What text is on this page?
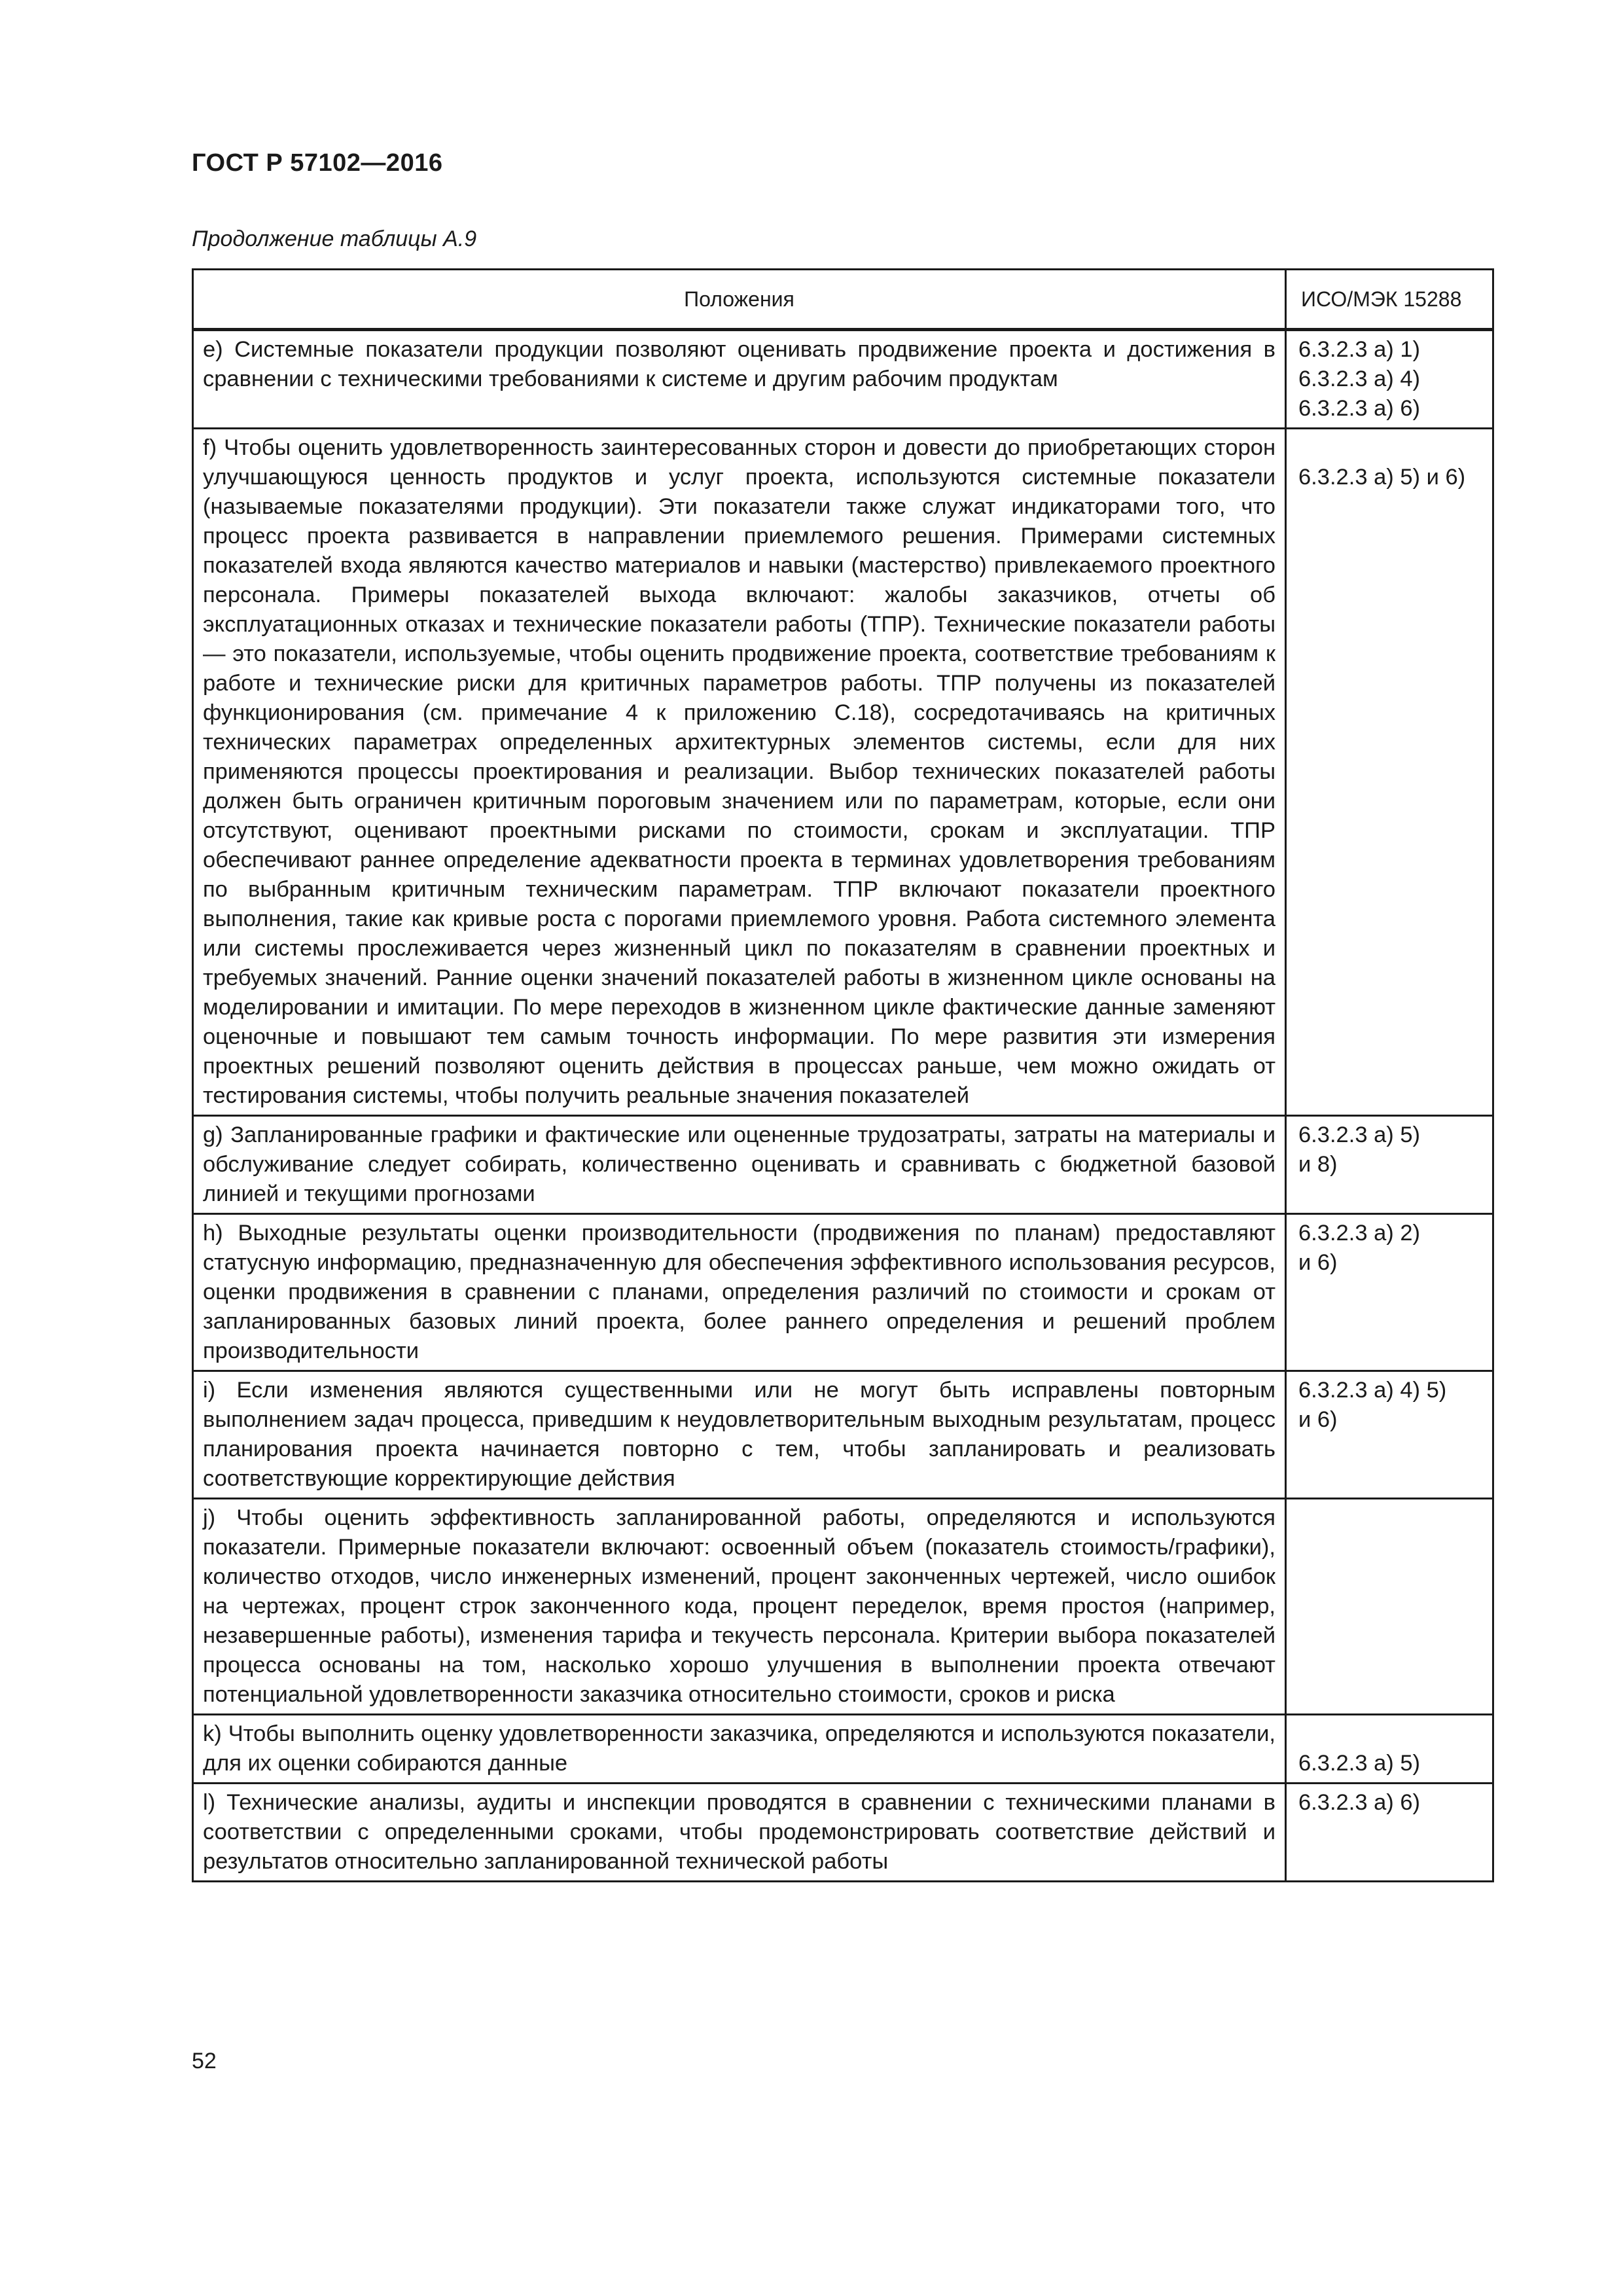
ГОСТ Р 57102—2016
Продолжение таблицы А.9
Положения	ИСО/МЭК 15288
e) Системные показатели продукции позволяют оценивать продвижение проекта и достижения в сравнении с техническими требованиями к системе и другим рабочим продуктам	6.3.2.3 a) 1)
6.3.2.3 a) 4)
6.3.2.3 a) 6)

f) Чтобы оценить удовлетворенность заинтересованных сторон и довести до приобретающих сторон улучшающуюся ценность продуктов и услуг проекта, используются системные показатели (называемые показателями продукции). Эти показатели также служат индикаторами того, что процесс проекта развивается в направлении приемлемого решения. Примерами системных показателей входа являются качество материалов и навыки (мастерство) привлекаемого проектного персонала. Примеры показателей выхода включают: жалобы заказчиков, отчеты об эксплуатационных отказах и технические показатели работы (ТПР). Технические показатели работы — это показатели, используемые, чтобы оценить продвижение проекта, соответствие требованиям к работе и технические риски для критичных параметров работы. ТПР получены из показателей функционирования (см. примечание 4 к приложению С.18), сосредотачиваясь на критичных технических параметрах определенных архитектурных элементов системы, если для них применяются процессы проектирования и реализации. Выбор технических показателей работы должен быть ограничен критичным пороговым значением или по параметрам, которые, если они отсутствуют, оценивают проектными рисками по стоимости, срокам и эксплуатации. ТПР обеспечивают раннее определение адекватности проекта в терминах удовлетворения требованиям по выбранным критичным техническим параметрам. ТПР включают показатели проектного выполнения, такие как кривые роста с порогами приемлемого уровня. Работа системного элемента или системы прослеживается через жизненный цикл по показателям в сравнении проектных и требуемых значений. Ранние оценки значений показателей работы в жизненном цикле основаны на моделировании и имитации. По мере переходов в жизненном цикле фактические данные заменяют оценочные и повышают тем самым точность информации. По мере развития эти измерения проектных решений позволяют оценить действия в процессах раньше, чем можно ожидать от тестирования системы, чтобы получить реальные значения показателей	6.3.2.3 a) 5) и 6)

g) Запланированные графики и фактические или оцененные трудозатраты, затраты на материалы и обслуживание следует собирать, количественно оценивать и сравнивать с бюджетной базовой линией и текущими прогнозами	6.3.2.3 a) 5)
и 8)

h) Выходные результаты оценки производительности (продвижения по планам) предоставляют статусную информацию, предназначенную для обеспечения эффективного использования ресурсов, оценки продвижения в сравнении с планами, определения различий по стоимости и срокам от запланированных базовых линий проекта, более раннего определения и решений проблем производительности	6.3.2.3 a) 2)
и 6)

i) Если изменения являются существенными или не могут быть исправлены повторным выполнением задач процесса, приведшим к неудовлетворительным выходным результатам, процесс планирования проекта начинается повторно с тем, чтобы запланировать и реализовать соответствующие корректирующие действия	6.3.2.3 a) 4) 5)
и 6)

j) Чтобы оценить эффективность запланированной работы, определяются и используются показатели. Примерные показатели включают: освоенный объем (показатель стоимость/графики), количество отходов, число инженерных изменений, процент законченных чертежей, число ошибок на чертежах, процент строк законченного кода, процент переделок, время простоя (например, незавершенные работы), изменения тарифа и текучесть персонала. Критерии выбора показателей процесса основаны на том, насколько хорошо улучшения в выполнении проекта отвечают потенциальной удовлетворенности заказчика относительно стоимости, сроков и риска	
k) Чтобы выполнить оценку удовлетворенности заказчика, определяются и используются показатели, для их оценки собираются данные	6.3.2.3 a) 5)

l) Технические анализы, аудиты и инспекции проводятся в сравнении с техническими планами в соответствии с определенными сроками, чтобы продемонстрировать соответствие действий и результатов относительно запланированной технической работы	6.3.2.3 a) 6)
52
